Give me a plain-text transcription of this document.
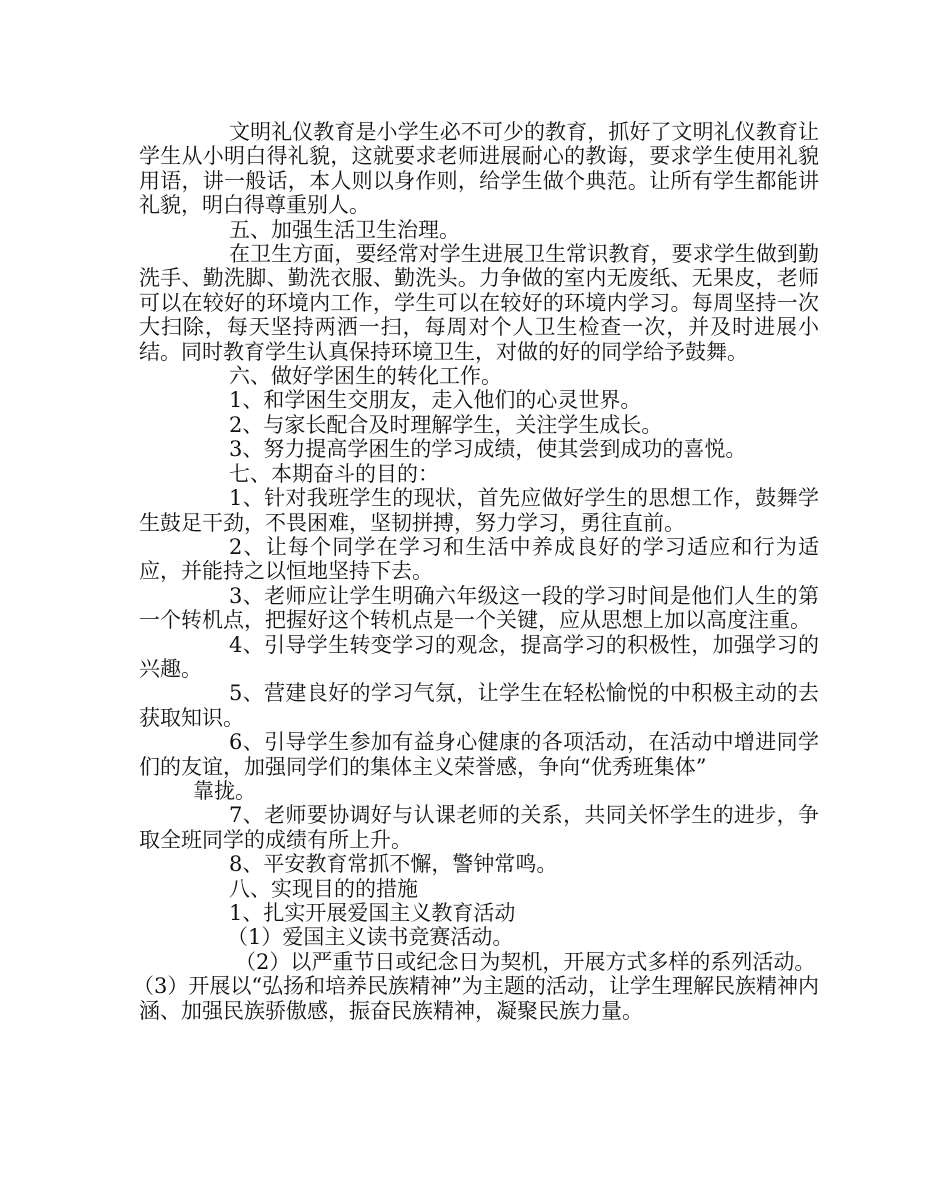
文明礼仪教育是小学生必不可少的教育，抓好了文明礼仪教育让学生从小明白得礼貌，这就要求老师进展耐心的教诲，要求学生使用礼貌用语，讲一般话，本人则以身作则，给学生做个典范。让所有学生都能讲礼貌，明白得尊重别人。

五、加强生活卫生治理。

在卫生方面，要经常对学生进展卫生常识教育，要求学生做到勤洗手、勤洗脚、勤洗衣服、勤洗头。力争做的室内无废纸、无果皮，老师可以在较好的环境内工作，学生可以在较好的环境内学习。每周坚持一次大扫除，每天坚持两洒一扫，每周对个人卫生检查一次，并及时进展小结。同时教育学生认真保持环境卫生，对做的好的同学给予鼓舞。

六、做好学困生的转化工作。

1、和学困生交朋友，走入他们的心灵世界。

2、与家长配合及时理解学生，关注学生成长。

3、努力提高学困生的学习成绩，使其尝到成功的喜悦。

七、本期奋斗的目的：

1、针对我班学生的现状，首先应做好学生的思想工作，鼓舞学生鼓足干劲，不畏困难，坚韧拼搏，努力学习，勇往直前。

2、让每个同学在学习和生活中养成良好的学习适应和行为适应，并能持之以恒地坚持下去。

3、老师应让学生明确六年级这一段的学习时间是他们人生的第一个转机点，把握好这个转机点是一个关键，应从思想上加以高度注重。

4、引导学生转变学习的观念，提高学习的积极性，加强学习的兴趣。

5、营建良好的学习气氛，让学生在轻松愉悦的中积极主动的去获取知识。

6、引导学生参加有益身心健康的各项活动，在活动中增进同学们的友谊，加强同学们的集体主义荣誉感，争向“优秀班集体”

靠拢。

7、老师要协调好与认课老师的关系，共同关怀学生的进步，争取全班同学的成绩有所上升。

8、平安教育常抓不懈，警钟常鸣。

八、实现目的的措施

1、扎实开展爱国主义教育活动

（1）爱国主义读书竞赛活动。

（2）以严重节日或纪念日为契机，开展方式多样的系列活动。

（3）开展以“弘扬和培养民族精神”为主题的活动，让学生理解民族精神内涵、加强民族骄傲感，振奋民族精神，凝聚民族力量。
